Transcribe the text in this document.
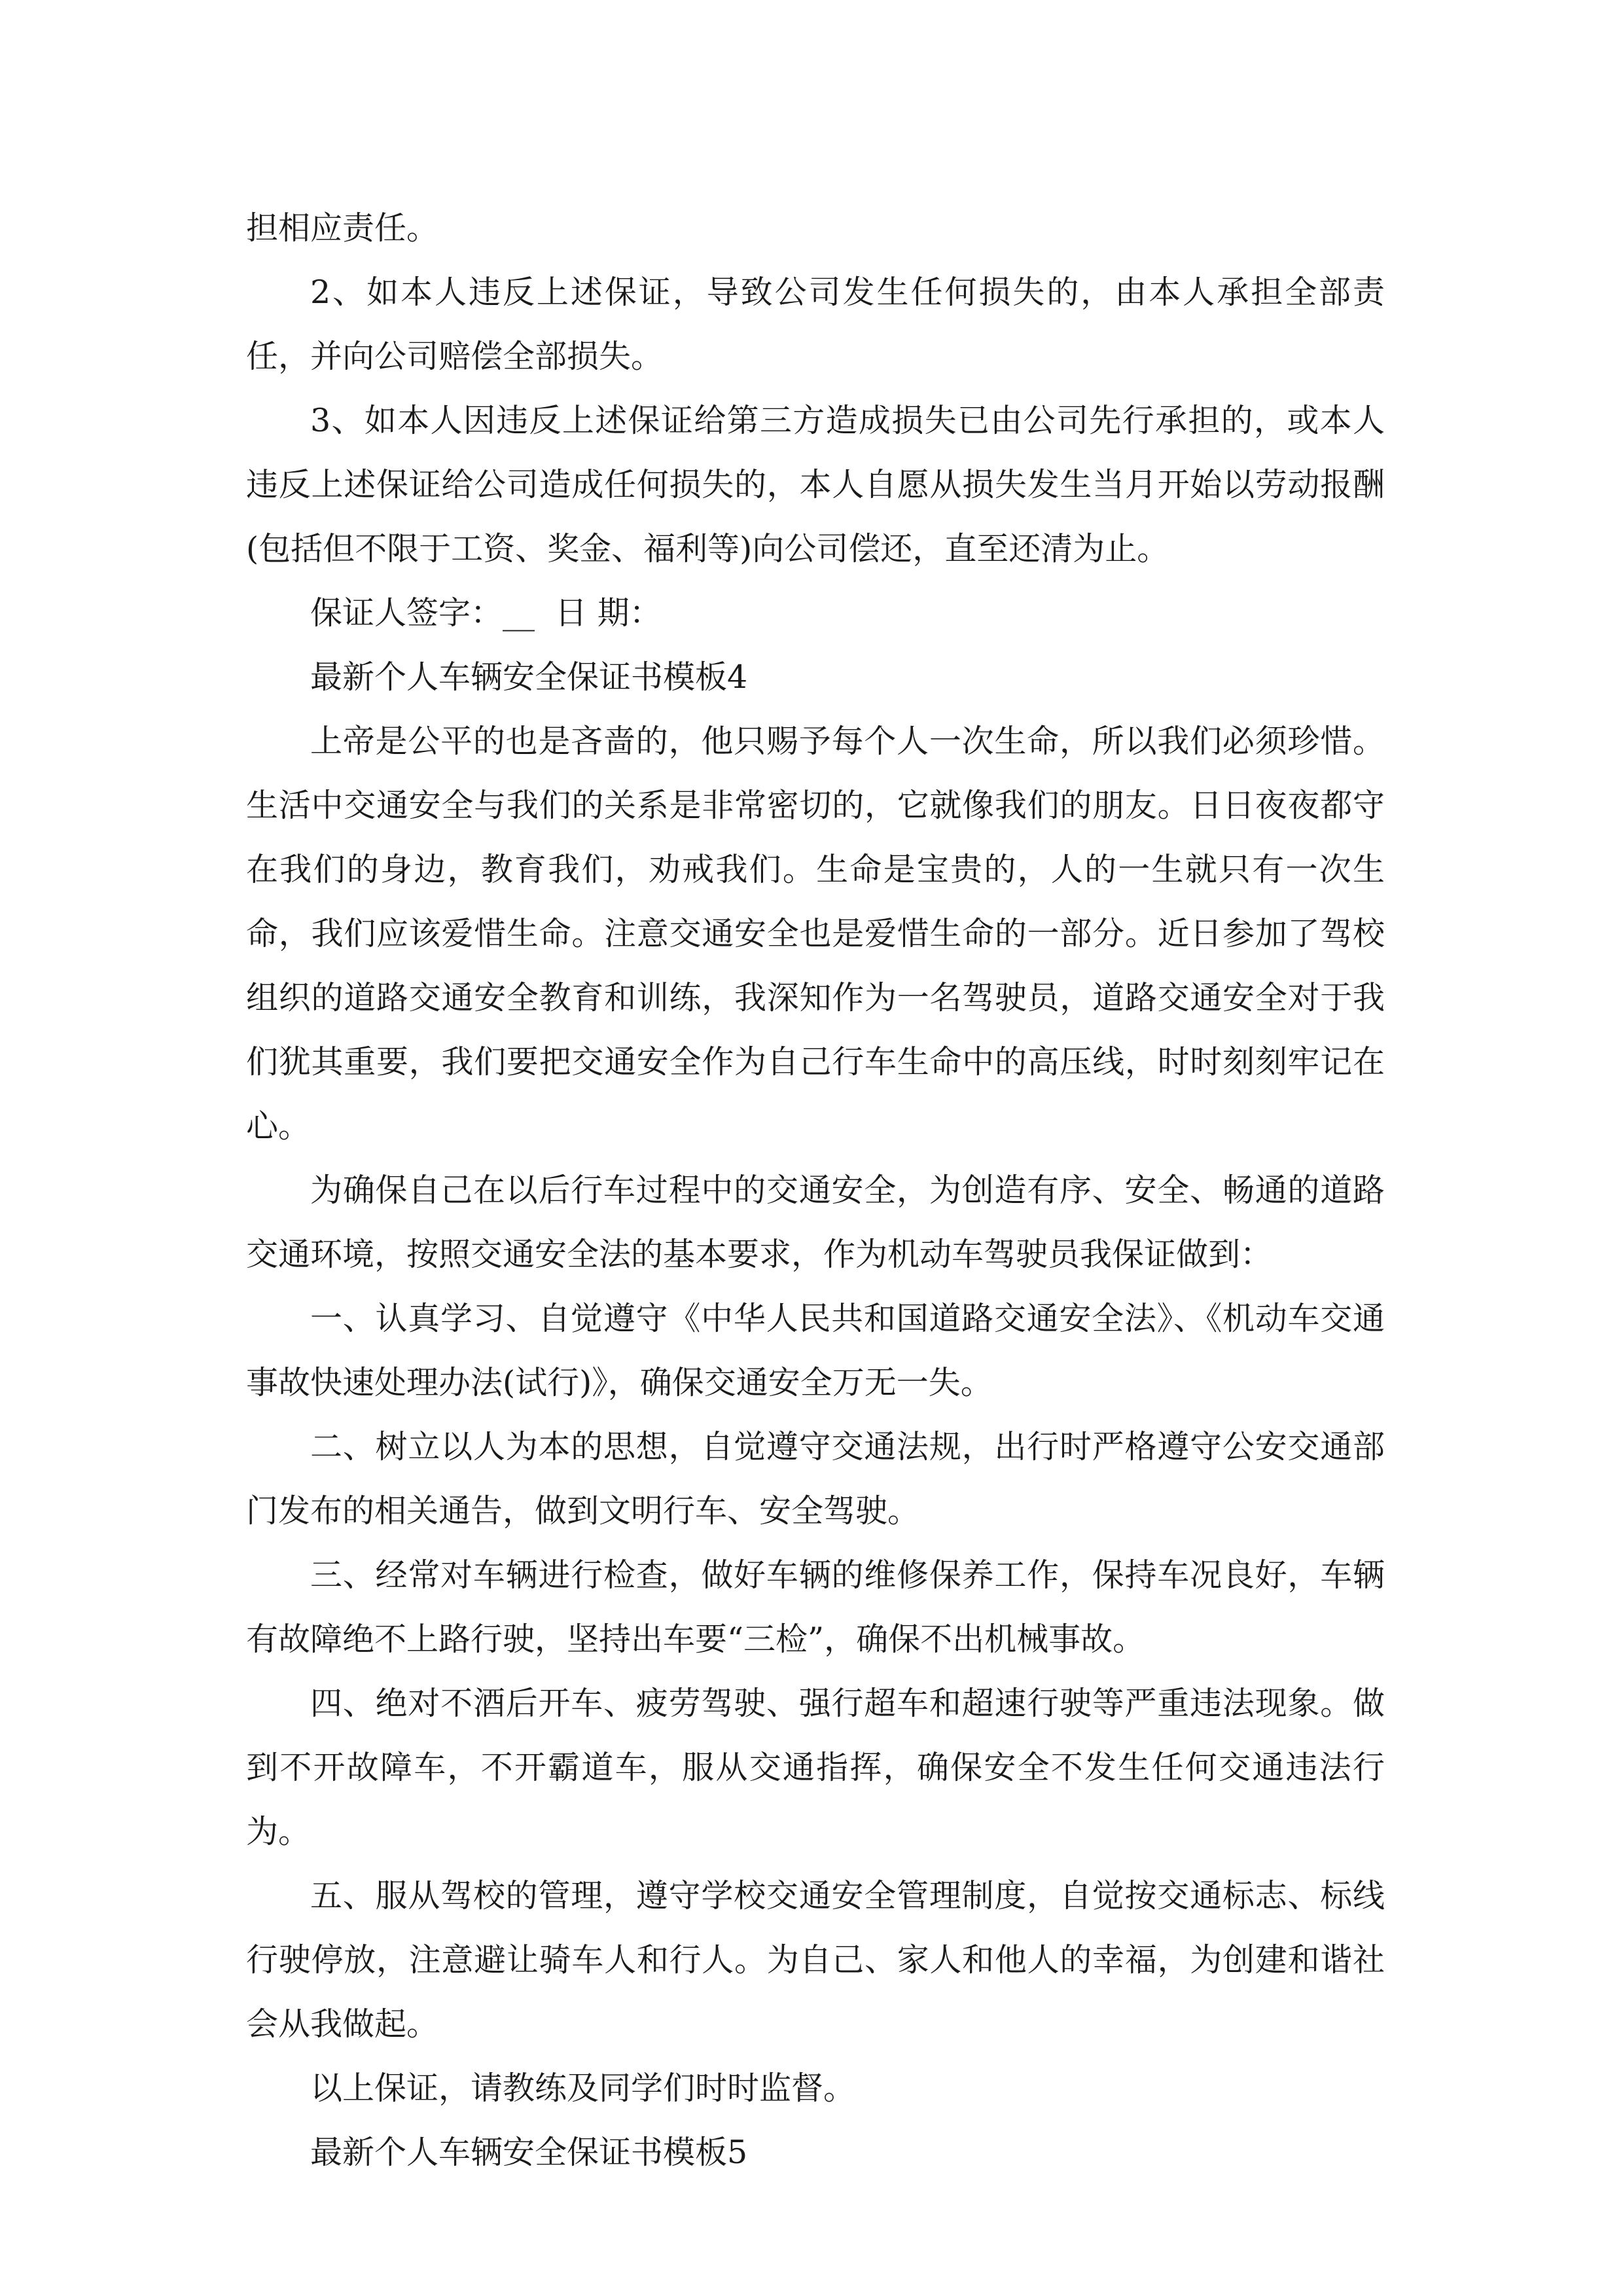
担相应责任。

2、如本人违反上述保证，导致公司发生任何损失的，由本人承担全部责任，并向公司赔偿全部损失。

3、如本人因违反上述保证给第三方造成损失已由公司先行承担的，或本人违反上述保证给公司造成任何损失的，本人自愿从损失发生当月开始以劳动报酬(包括但不限于工资、奖金、福利等)向公司偿还，直至还清为止。

保证人签字：__ 日 期：

最新个人车辆安全保证书模板4

上帝是公平的也是吝啬的，他只赐予每个人一次生命，所以我们必须珍惜。生活中交通安全与我们的关系是非常密切的，它就像我们的朋友。日日夜夜都守在我们的身边，教育我们，劝戒我们。生命是宝贵的，人的一生就只有一次生命，我们应该爱惜生命。注意交通安全也是爱惜生命的一部分。近日参加了驾校组织的道路交通安全教育和训练，我深知作为一名驾驶员，道路交通安全对于我们犹其重要，我们要把交通安全作为自己行车生命中的高压线，时时刻刻牢记在心。

为确保自己在以后行车过程中的交通安全，为创造有序、安全、畅通的道路交通环境，按照交通安全法的基本要求，作为机动车驾驶员我保证做到：

一、认真学习、自觉遵守《中华人民共和国道路交通安全法》、《机动车交通事故快速处理办法(试行)》，确保交通安全万无一失。

二、树立以人为本的思想，自觉遵守交通法规，出行时严格遵守公安交通部门发布的相关通告，做到文明行车、安全驾驶。

三、经常对车辆进行检查，做好车辆的维修保养工作，保持车况良好，车辆有故障绝不上路行驶，坚持出车要“三检”，确保不出机械事故。

四、绝对不酒后开车、疲劳驾驶、强行超车和超速行驶等严重违法现象。做到不开故障车，不开霸道车，服从交通指挥，确保安全不发生任何交通违法行为。

五、服从驾校的管理，遵守学校交通安全管理制度，自觉按交通标志、标线行驶停放，注意避让骑车人和行人。为自己、家人和他人的幸福，为创建和谐社会从我做起。

以上保证，请教练及同学们时时监督。

最新个人车辆安全保证书模板5
